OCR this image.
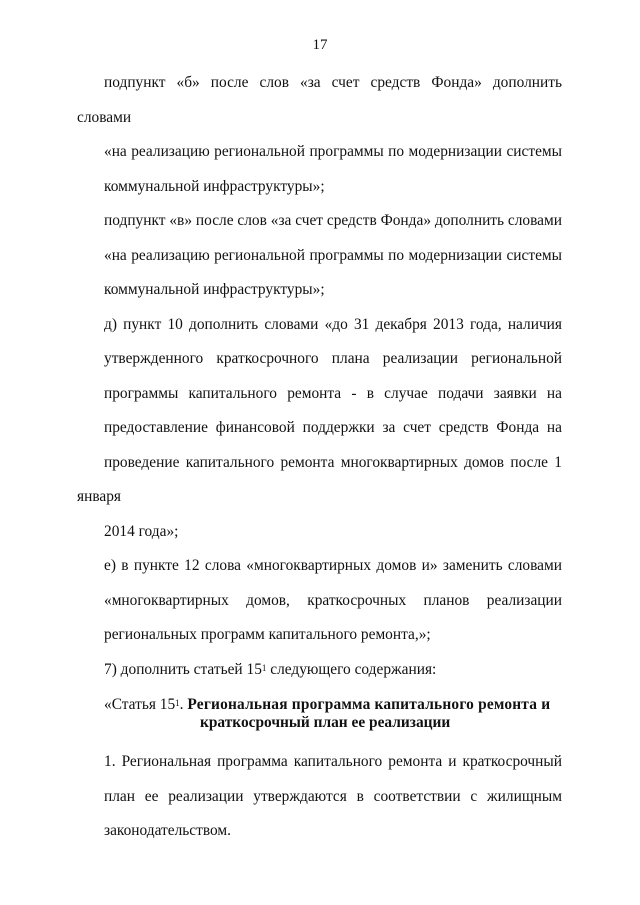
17
подпункт «б» после слов «за счет средств Фонда» дополнить словами
«на реализацию региональной программы по модернизации системы
коммунальной инфраструктуры»;
подпункт «в» после слов «за счет средств Фонда» дополнить словами
«на реализацию региональной программы по модернизации системы
коммунальной инфраструктуры»;
д) пункт 10 дополнить словами «до 31 декабря 2013 года, наличия
утвержденного краткосрочного плана реализации региональной
программы капитального ремонта - в случае подачи заявки на
предоставление финансовой поддержки за счет средств Фонда на
проведение капитального ремонта многоквартирных домов после 1 января
2014 года»;
е) в пункте 12 слова «многоквартирных домов и» заменить словами
«многоквартирных домов, краткосрочных планов реализации
региональных программ капитального ремонта,»;
7) дополнить статьей $15^1$ следующего содержания:
«Статья $15^1$. Региональная программа капитального ремонта и
краткосрочный план ее реализации
1. Региональная программа капитального ремонта и краткосрочный
план ее реализации утверждаются в соответствии с жилищным
законодательством.
